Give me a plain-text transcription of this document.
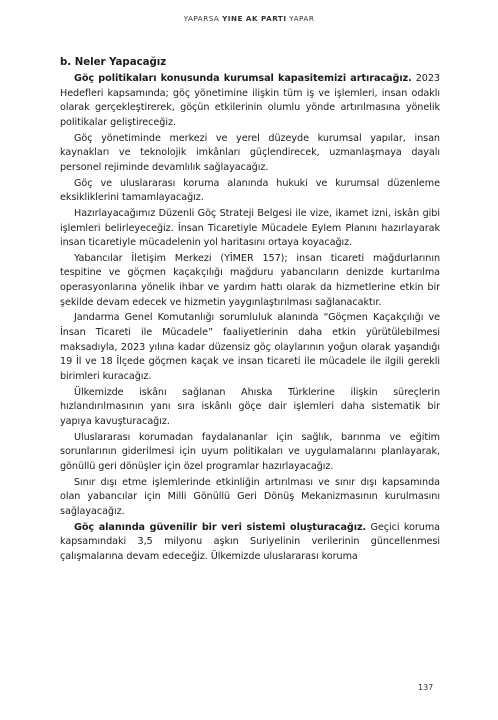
YAPARSA YINE AK PARTI YAPAR
b. Neler Yapacağız

Göç politikaları konusunda kurumsal kapasitemizi artıracağız. 2023 Hedefleri kapsamında; göç yönetimine ilişkin tüm iş ve işlemleri, insan odaklı olarak gerçekleştirerek, göçün etkilerinin olumlu yönde artırılmasına yönelik politikalar geliştireceğiz.

Göç yönetiminde merkezi ve yerel düzeyde kurumsal yapılar, insan kaynakları ve teknolojik imkânları güçlendirecek, uzmanlaşmaya dayalı personel rejiminde devamlılık sağlayacağız.

Göç ve uluslararası koruma alanında hukuki ve kurumsal düzenleme eksikliklerini tamamlayacağız.

Hazırlayacağımız Düzenli Göç Strateji Belgesi ile vize, ikamet izni, iskân gibi işlemleri belirleyeceğiz. İnsan Ticaretiyle Mücadele Eylem Planını hazırlayarak insan ticaretiyle mücadelenin yol haritasını ortaya koyacağız.

Yabancılar İletişim Merkezi (YİMER 157); insan ticareti mağdurlarının tespitine ve göçmen kaçakçılığı mağduru yabancıların denizde kurtarılma operasyonlarına yönelik ihbar ve yardım hattı olarak da hizmetlerine etkin bir şekilde devam edecek ve hizmetin yaygınlaştırılması sağlanacaktır.

Jandarma Genel Komutanlığı sorumluluk alanında “Göçmen Kaçakçılığı ve İnsan Ticareti ile Mücadele” faaliyetlerinin daha etkin yürütülebilmesi maksadıyla, 2023 yılına kadar düzensiz göç olaylarının yoğun olarak yaşandığı 19 İl ve 18 İlçede göçmen kaçak ve insan ticareti ile mücadele ile ilgili gerekli birimleri kuracağız.

Ülkemizde iskânı sağlanan Ahıska Türklerine ilişkin süreçlerin hızlandırılmasının yanı sıra iskânlı göçe dair işlemleri daha sistematik bir yapıya kavuşturacağız.

Uluslararası korumadan faydalananlar için sağlık, barınma ve eğitim sorunlarının giderilmesi için uyum politikaları ve uygulamalarını planlayarak, gönüllü geri dönüşler için özel programlar hazırlayacağız.

Sınır dışı etme işlemlerinde etkinliğin artırılması ve sınır dışı kapsamında olan yabancılar için Milli Gönüllü Geri Dönüş Mekanizmasının kurulmasını sağlayacağız.

Göç alanında güvenilir bir veri sistemi oluşturacağız. Geçici koruma kapsamındaki 3,5 milyonu aşkın Suriyelinin verilerinin güncellenmesi çalışmalarına devam edeceğiz. Ülkemizde uluslararası koruma

137
